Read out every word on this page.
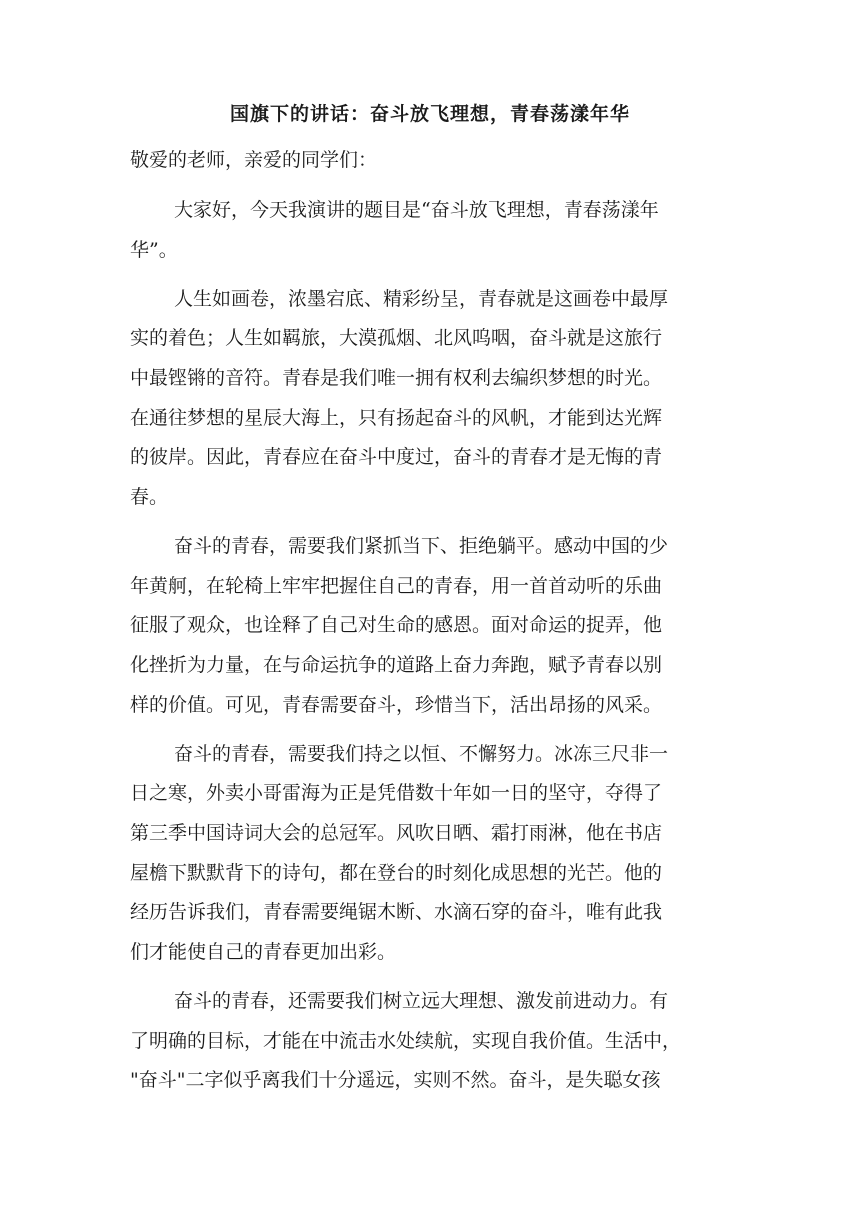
国旗下的讲话：奋斗放飞理想，青春荡漾年华
敬爱的老师，亲爱的同学们：
大家好，今天我演讲的题目是“奋斗放飞理想，青春荡漾年
华”。
人生如画卷，浓墨宕底、精彩纷呈，青春就是这画卷中最厚
实的着色；人生如羁旅，大漠孤烟、北风呜咽，奋斗就是这旅行
中最铿锵的音符。青春是我们唯一拥有权利去编织梦想的时光。
在通往梦想的星辰大海上，只有扬起奋斗的风帆，才能到达光辉
的彼岸。因此，青春应在奋斗中度过，奋斗的青春才是无悔的青
春。
奋斗的青春，需要我们紧抓当下、拒绝躺平。感动中国的少
年黄舸，在轮椅上牢牢把握住自己的青春，用一首首动听的乐曲
征服了观众，也诠释了自己对生命的感恩。面对命运的捉弄，他
化挫折为力量，在与命运抗争的道路上奋力奔跑，赋予青春以别
样的价值。可见，青春需要奋斗，珍惜当下，活出昂扬的风采。
奋斗的青春，需要我们持之以恒、不懈努力。冰冻三尺非一
日之寒，外卖小哥雷海为正是凭借数十年如一日的坚守，夺得了
第三季中国诗词大会的总冠军。风吹日晒、霜打雨淋，他在书店
屋檐下默默背下的诗句，都在登台的时刻化成思想的光芒。他的
经历告诉我们，青春需要绳锯木断、水滴石穿的奋斗，唯有此我
们才能使自己的青春更加出彩。
奋斗的青春，还需要我们树立远大理想、激发前进动力。有
了明确的目标，才能在中流击水处续航，实现自我价值。生活中，
"奋斗"二字似乎离我们十分遥远，实则不然。奋斗，是失聪女孩
